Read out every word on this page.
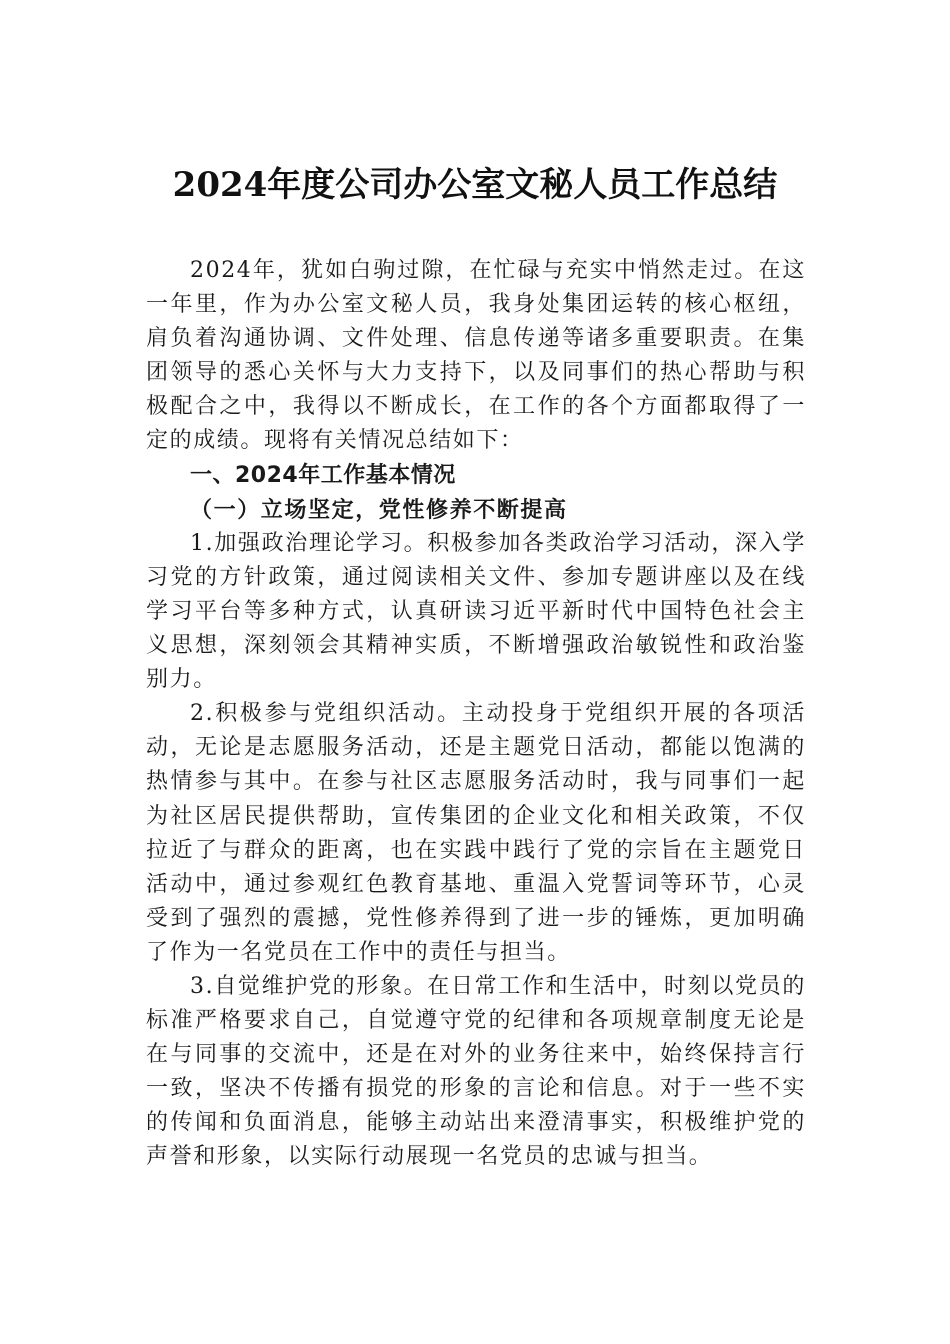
2024年度公司办公室文秘人员工作总结

2024年，犹如白驹过隙，在忙碌与充实中悄然走过。在这一年里，作为办公室文秘人员，我身处集团运转的核心枢纽，肩负着沟通协调、文件处理、信息传递等诸多重要职责。在集团领导的悉心关怀与大力支持下，以及同事们的热心帮助与积极配合之中，我得以不断成长，在工作的各个方面都取得了一定的成绩。现将有关情况总结如下：

一、2024年工作基本情况

（一）立场坚定，党性修养不断提高

1.加强政治理论学习。积极参加各类政治学习活动，深入学习党的方针政策，通过阅读相关文件、参加专题讲座以及在线学习平台等多种方式，认真研读习近平新时代中国特色社会主义思想，深刻领会其精神实质，不断增强政治敏锐性和政治鉴别力。

2.积极参与党组织活动。主动投身于党组织开展的各项活动，无论是志愿服务活动，还是主题党日活动，都能以饱满的热情参与其中。在参与社区志愿服务活动时，我与同事们一起为社区居民提供帮助，宣传集团的企业文化和相关政策，不仅拉近了与群众的距离，也在实践中践行了党的宗旨在主题党日活动中，通过参观红色教育基地、重温入党誓词等环节，心灵受到了强烈的震撼，党性修养得到了进一步的锤炼，更加明确了作为一名党员在工作中的责任与担当。

3.自觉维护党的形象。在日常工作和生活中，时刻以党员的标准严格要求自己，自觉遵守党的纪律和各项规章制度无论是在与同事的交流中，还是在对外的业务往来中，始终保持言行一致，坚决不传播有损党的形象的言论和信息。对于一些不实的传闻和负面消息，能够主动站出来澄清事实，积极维护党的声誉和形象，以实际行动展现一名党员的忠诚与担当。
